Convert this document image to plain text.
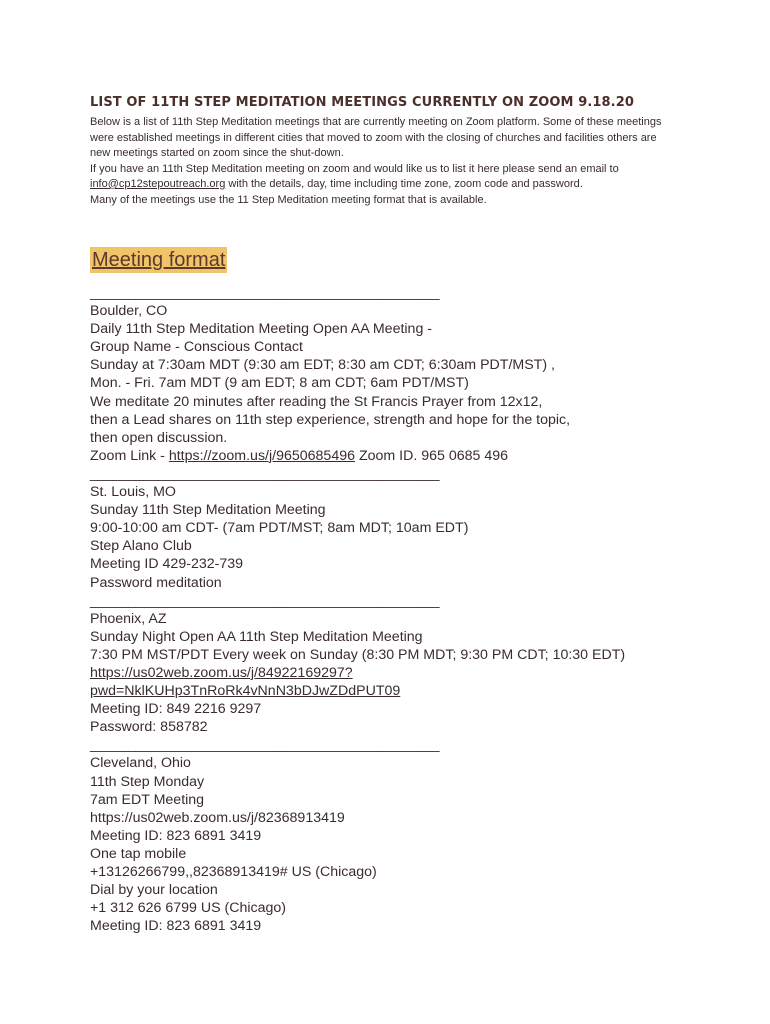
LIST OF 11TH STEP MEDITATION MEETINGS CURRENTLY ON ZOOM 9.18.20

Below is a list of 11th Step Meditation meetings that are currently meeting on Zoom platform. Some of these meetings were established meetings in different cities that moved to zoom with the closing of churches and facilities others are new meetings started on zoom since the shut-down.

If you have an 11th Step Meditation meeting on zoom and would like us to list it here please send an email to info@cp12stepoutreach.org with the details, day, time including time zone, zoom code and password.

Many of the meetings use the 11 Step Meditation meeting format that is available.

Meeting format
______________________________________________
Boulder, CO
Daily 11th Step Meditation Meeting Open AA Meeting -
Group Name - Conscious Contact
Sunday at 7:30am MDT (9:30 am EDT; 8:30 am CDT; 6:30am PDT/MST) ,
Mon. - Fri. 7am MDT (9 am EDT; 8 am CDT; 6am PDT/MST)
We meditate 20 minutes after reading the St Francis Prayer from 12x12,
then a Lead shares on 11th step experience, strength and hope for the topic,
then open discussion.
Zoom Link - https://zoom.us/j/9650685496 Zoom ID. 965 0685 496
______________________________________________
St. Louis, MO
Sunday 11th Step Meditation Meeting
9:00-10:00 am CDT- (7am PDT/MST; 8am MDT; 10am EDT)
Step Alano Club
Meeting ID 429-232-739
Password meditation
______________________________________________
Phoenix, AZ
Sunday Night Open AA 11th Step Meditation Meeting
7:30 PM MST/PDT Every week on Sunday (8:30 PM MDT; 9:30 PM CDT; 10:30 EDT)
https://us02web.zoom.us/j/84922169297?
pwd=NklKUHp3TnRoRk4vNnN3bDJwZDdPUT09
Meeting ID: 849 2216 9297
Password: 858782
______________________________________________
Cleveland, Ohio
11th Step Monday
7am EDT Meeting
https://us02web.zoom.us/j/82368913419
Meeting ID: 823 6891 3419
One tap mobile
+13126266799,,82368913419# US (Chicago)
Dial by your location
+1 312 626 6799 US (Chicago)
Meeting ID: 823 6891 3419
